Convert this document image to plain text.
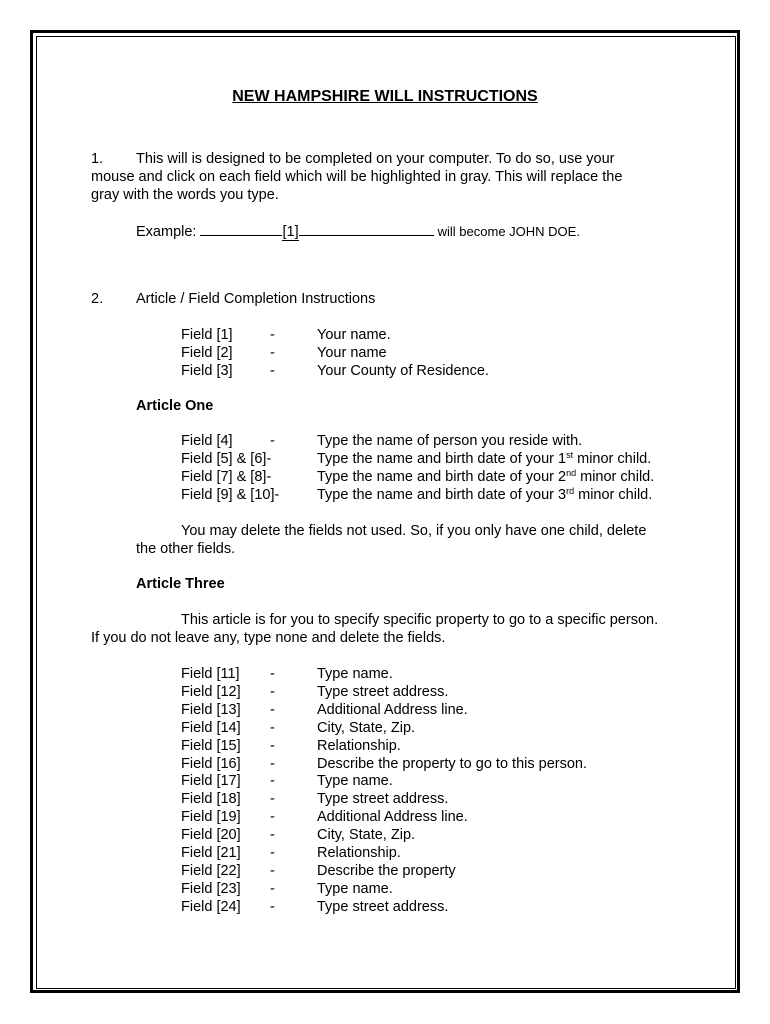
NEW HAMPSHIRE WILL INSTRUCTIONS
1. This will is designed to be completed on your computer. To do so, use your
mouse and click on each field which will be highlighted in gray. This will replace the
gray with the words you type.
Example:	[1]	will become JOHN DOE.
2. Article / Field Completion Instructions
Field [1]	-	Your name.
Field [2]	-	Your name
Field [3]	-	Your County of Residence.
Article One
Field [4]	-	Type the name of person you reside with.
Field [5] & [6]-	Type the name and birth date of your 1st minor child.
Field [7] & [8]-	Type the name and birth date of your 2nd minor child.
Field [9] & [10]-	Type the name and birth date of your 3rd minor child.
You may delete the fields not used. So, if you only have one child, delete
the other fields.
Article Three
This article is for you to specify specific property to go to a specific person.
If you do not leave any, type none and delete the fields.
Field [11] -	Type name.
Field [12] -	Type street address.
Field [13] -	Additional Address line.
Field [14] -	City, State, Zip.
Field [15] -	Relationship.
Field [16] -	Describe the property to go to this person.
Field [17] -	Type name.
Field [18] -	Type street address.
Field [19] -	Additional Address line.
Field [20] -	City, State, Zip.
Field [21] -	Relationship.
Field [22] -	Describe the property
Field [23] -	Type name.
Field [24] -	Type street address.
